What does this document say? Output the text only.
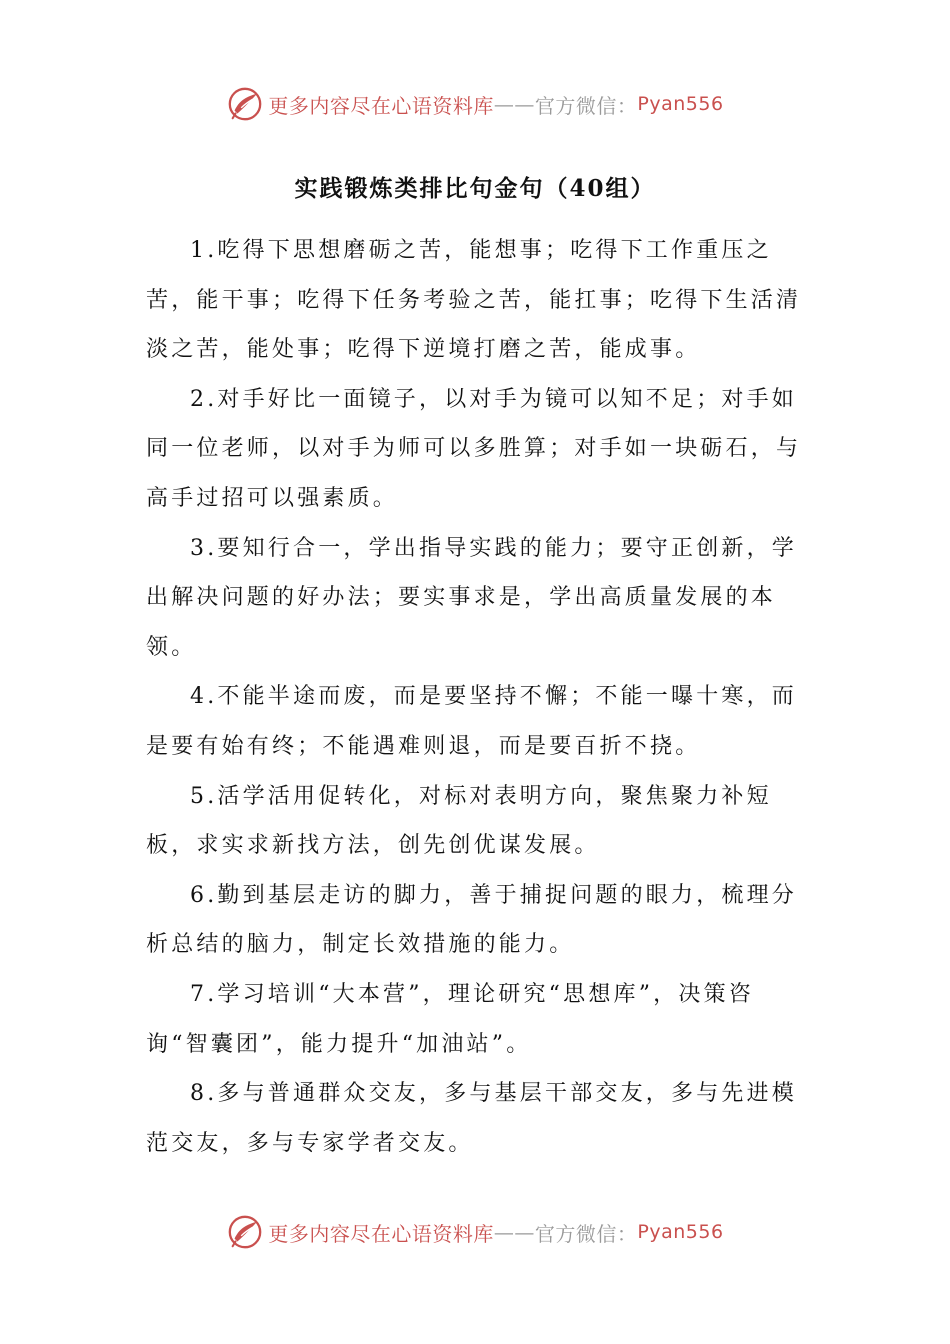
更多内容尽在心语资料库 —— 官方微信： Pyan556
实践锻炼类排比句金句（40组）

1.吃得下思想磨砺之苦，能想事；吃得下工作重压之苦，能干事；吃得下任务考验之苦，能扛事；吃得下生活清淡之苦，能处事；吃得下逆境打磨之苦，能成事。

2.对手好比一面镜子，以对手为镜可以知不足；对手如同一位老师，以对手为师可以多胜算；对手如一块砺石，与高手过招可以强素质。

3.要知行合一，学出指导实践的能力；要守正创新，学出解决问题的好办法；要实事求是，学出高质量发展的本领。

4.不能半途而废，而是要坚持不懈；不能一曝十寒，而是要有始有终；不能遇难则退，而是要百折不挠。

5.活学活用促转化，对标对表明方向，聚焦聚力补短板，求实求新找方法，创先创优谋发展。

6.勤到基层走访的脚力，善于捕捉问题的眼力，梳理分析总结的脑力，制定长效措施的能力。

7.学习培训“大本营”，理论研究“思想库”，决策咨询“智囊团”，能力提升“加油站”。

8.多与普通群众交友，多与基层干部交友，多与先进模范交友，多与专家学者交友。

更多内容尽在心语资料库 —— 官方微信： Pyan556
